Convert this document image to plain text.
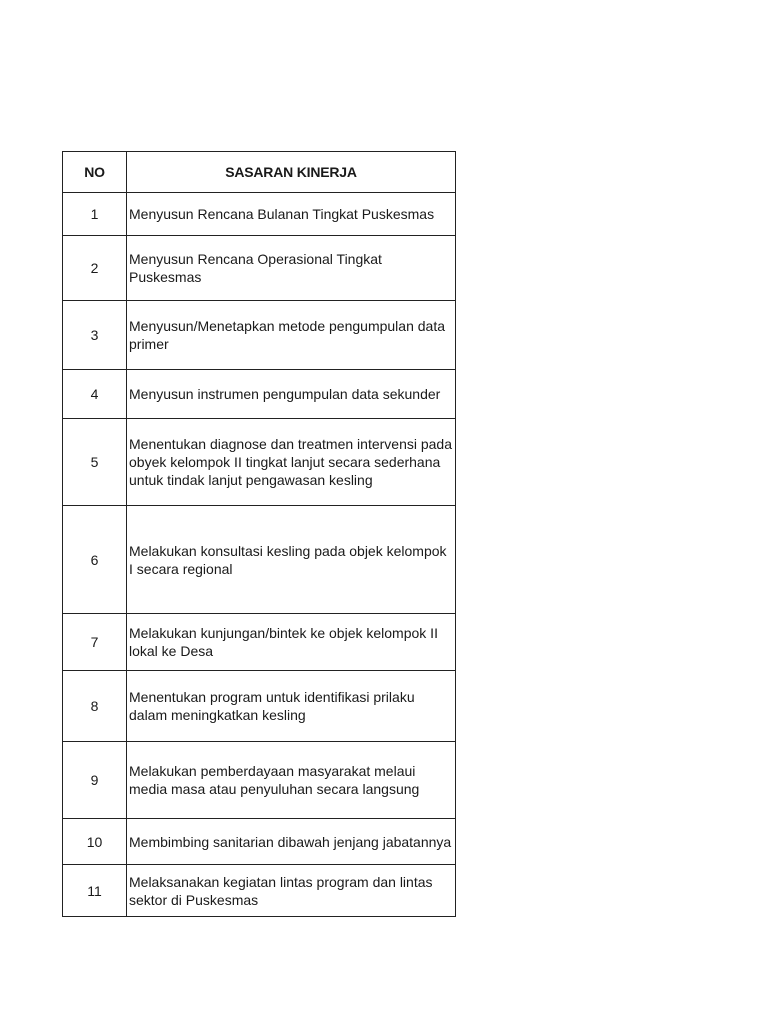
NO	SASARAN KINERJA
1	Menyusun Rencana Bulanan Tingkat Puskesmas
2	Menyusun Rencana Operasional Tingkat Puskesmas
3	Menyusun/Menetapkan metode pengumpulan data primer
4	Menyusun instrumen pengumpulan data sekunder
5	Menentukan diagnose dan treatmen intervensi pada obyek kelompok II tingkat lanjut secara sederhana untuk tindak lanjut pengawasan kesling
6	Melakukan konsultasi kesling pada objek kelompok I secara regional
7	Melakukan kunjungan/bintek ke objek kelompok II lokal ke Desa
8	Menentukan program untuk identifikasi prilaku dalam meningkatkan kesling
9	Melakukan pemberdayaan masyarakat melaui media masa atau penyuluhan secara langsung
10	Membimbing sanitarian dibawah jenjang jabatannya
11	Melaksanakan kegiatan lintas program dan lintas sektor di Puskesmas
